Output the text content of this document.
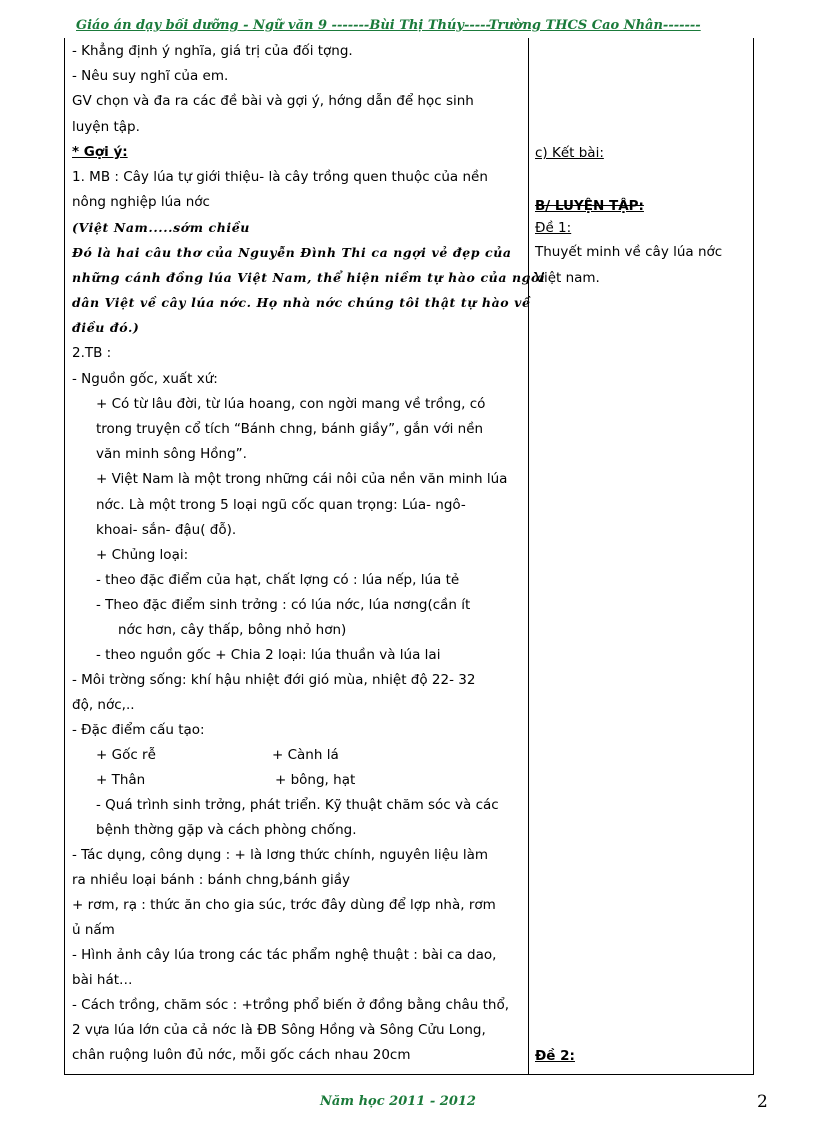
Giáo án dạy bồi dưỡng - Ngữ văn 9 -------Bùi Thị Thúy-----Trường THCS Cao Nhân-------
- Khẳng định ý nghĩa, giá trị của đối tợng.
- Nêu suy nghĩ của em.
GV chọn và đa ra các đề bài và gợi ý, hớng dẫn để học sinh
luyện tập.
* Gợi ý:
1. MB : Cây lúa tự giới thiệu- là cây trồng quen thuộc của nền
nông nghiệp lúa nớc
(Việt Nam.....sớm chiều
Đó là hai câu thơ của Nguyễn Đình Thi ca ngợi vẻ đẹp của
những cánh đồng lúa Việt Nam, thể hiện niềm tự hào của ngời
dân Việt về cây lúa nớc. Họ nhà nớc chúng tôi thật tự hào về
điều đó.)
2.TB :
- Nguồn gốc, xuất xứ:
+ Có từ lâu đời, từ lúa hoang, con ngời mang về trồng, có
trong truyện cổ tích “Bánh chng, bánh giầy”, gắn với nền
văn minh sông Hồng”.
+ Việt Nam là một trong những cái nôi của nền văn minh lúa
nớc. Là một trong 5 loại ngũ cốc quan trọng: Lúa- ngô-
khoai- sắn- đậu( đỗ).
+ Chủng loại:
- theo đặc điểm của hạt, chất lợng có : lúa nếp, lúa tẻ
- Theo đặc điểm sinh trởng : có lúa nớc, lúa nơng(cần ít
nớc hơn, cây thấp, bông nhỏ hơn)
- theo nguồn gốc + Chia 2 loại: lúa thuần và lúa lai
- Môi trờng sống: khí hậu nhiệt đới gió mùa, nhiệt độ 22- 32
độ, nớc,..
- Đặc điểm cấu tạo:
+ Gốc rễ	+ Cành lá
+ Thân	+ bông, hạt
- Quá trình sinh trởng, phát triển. Kỹ thuật chăm sóc và các
bệnh thờng gặp và cách phòng chống.
- Tác dụng, công dụng : + là lơng thức chính, nguyên liệu làm
ra nhiều loại bánh : bánh chng,bánh giầy
+ rơm, rạ : thức ăn cho gia súc, trớc đây dùng để lợp nhà, rơm
ủ nấm
- Hình ảnh cây lúa trong các tác phẩm nghệ thuật : bài ca dao,
bài hát…
- Cách trồng, chăm sóc : +trồng phổ biến ở đồng bằng châu thổ,
2 vựa lúa lớn của cả nớc là ĐB Sông Hồng và Sông Cửu Long,
chân ruộng luôn đủ nớc, mỗi gốc cách nhau 20cm
c) Kết bài:
B/ LUYỆN TẬP:
Đề 1:
Thuyết minh về cây lúa nớc
Việt nam.
Đề 2:
Năm học 2011 - 2012	2
